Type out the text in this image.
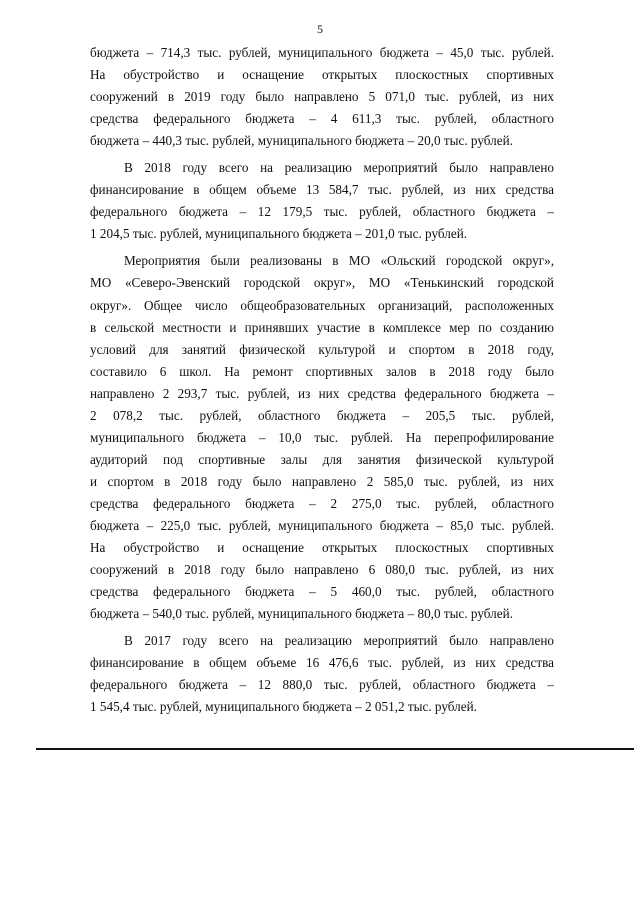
5
бюджета – 714,3 тыс. рублей, муниципального бюджета – 45,0 тыс. рублей.
На обустройство и оснащение открытых плоскостных спортивных
сооружений в 2019 году было направлено 5 071,0 тыс. рублей, из них
средства федерального бюджета – 4 611,3 тыс. рублей, областного
бюджета – 440,3 тыс. рублей, муниципального бюджета – 20,0 тыс. рублей.
В 2018 году всего на реализацию мероприятий было направлено
финансирование в общем объеме 13 584,7 тыс. рублей, из них средства
федерального бюджета – 12 179,5 тыс. рублей, областного бюджета –
1 204,5 тыс. рублей, муниципального бюджета – 201,0 тыс. рублей.
Мероприятия были реализованы в МО «Ольский городской округ»,
МО «Северо-Эвенский городской округ», МО «Тенькинский городской
округ». Общее число общеобразовательных организаций, расположенных
в сельской местности и принявших участие в комплексе мер по созданию
условий для занятий физической культурой и спортом в 2018 году,
составило 6 школ. На ремонт спортивных залов в 2018 году было
направлено 2 293,7 тыс. рублей, из них средства федерального бюджета –
2 078,2 тыс. рублей, областного бюджета – 205,5 тыс. рублей,
муниципального бюджета – 10,0 тыс. рублей. На перепрофилирование
аудиторий под спортивные залы для занятия физической культурой
и спортом в 2018 году было направлено 2 585,0 тыс. рублей, из них
средства федерального бюджета – 2 275,0 тыс. рублей, областного
бюджета – 225,0 тыс. рублей, муниципального бюджета – 85,0 тыс. рублей.
На обустройство и оснащение открытых плоскостных спортивных
сооружений в 2018 году было направлено 6 080,0 тыс. рублей, из них
средства федерального бюджета – 5 460,0 тыс. рублей, областного
бюджета – 540,0 тыс. рублей, муниципального бюджета – 80,0 тыс. рублей.
В 2017 году всего на реализацию мероприятий было направлено
финансирование в общем объеме 16 476,6 тыс. рублей, из них средства
федерального бюджета – 12 880,0 тыс. рублей, областного бюджета –
1 545,4 тыс. рублей, муниципального бюджета – 2 051,2 тыс. рублей.
